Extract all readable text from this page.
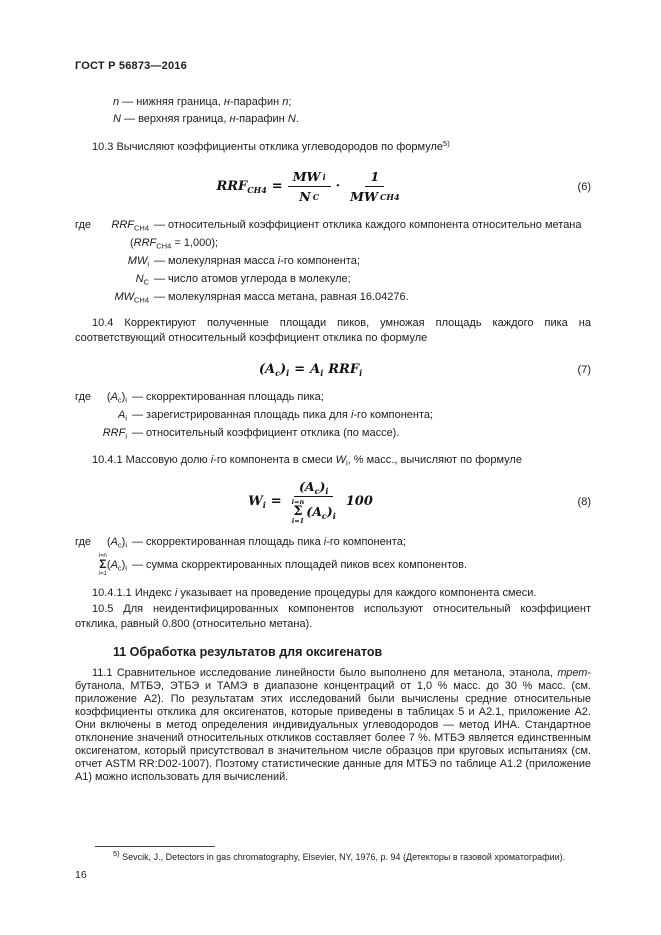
ГОСТ Р 56873—2016
n — нижняя граница, н-парафин n;
N — верхняя граница, н-парафин N.
10.3 Вычисляют коэффициенты отклика углеводородов по формуле$^{5)}$
$RRF_{CH4} = \frac{\text{MW i}}{\text{N C}} \cdot \frac{1}{\text{MW CH4}}$	(6)
где	$RRF_{CH4}$ — относительный коэффициент отклика каждого компонента относительно метана
$(RRF_{CH4} = 1,000)$;
$MW_i$ — молекулярная масса i-го компонента;
$N_C$ — число атомов углерода в молекуле;
$MW_{CH4}$ — молекулярная масса метана, равная 16.04276.
10.4 Корректируют полученные площади пиков, умножая площадь каждого пика на соответствующий относительный коэффициент отклика по формуле
$(A_c)_i = A_i$ $RRF_i$	(7)
где	$(A_c)_i$ — скорректированная площадь пика;
$A_i$ — зарегистрированная площадь пика для i-го компонента;
$RRF_i$ — относительный коэффициент отклика (по массе).
10.4.1 Массовую долю i-го компонента в смеси $W_i$, % масс., вычисляют по формуле
$W_i = (A_c)_i$
i=n
Σ
i=1
$(A_c)_i$ 100	(8)
где	$(A_c)_i$ — скорректированная площадь пика i-го компонента;
i=n
Σ
i=1
$(A_c)_i$ — сумма скорректированных площадей пиков всех компонентов.
10.4.1.1 Индекс i указывает на проведение процедуры для каждого компонента смеси.
10.5 Для неидентифицированных компонентов используют относительный коэффициент отклика, равный 0.800 (относительно метана).
11 Обработка результатов для оксигенатов
11.1 Сравнительное исследование линейности было выполнено для метанола, этанола, трет-бутанола, МТБЭ, ЭТБЭ и ТАМЭ в диапазоне концентраций от 1,0 % масс. до 30 % масс. (см. приложение А2). По результатам этих исследований были вычислены средние относительные коэффициенты отклика для оксигенатов, которые приведены в таблицах 5 и А2.1, приложение А2. Они включены в метод определения индивидуальных углеводородов — метод ИНА. Стандартное отклонение значений относительных откликов составляет более 7 %. МТБЭ является единственным оксигенатом, который присутствовал в значительном числе образцов при круговых испытаниях (см. отчет ASTM RR:D02-1007). Поэтому статистические данные для МТБЭ по таблице А1.2 (приложение А1) можно использовать для вычислений.
$^{5)}$ Sevcik, J., Detectors in gas chromatography, Elsevier, NY, 1976, p. 94 (Детекторы в газовой хроматографии).
16
